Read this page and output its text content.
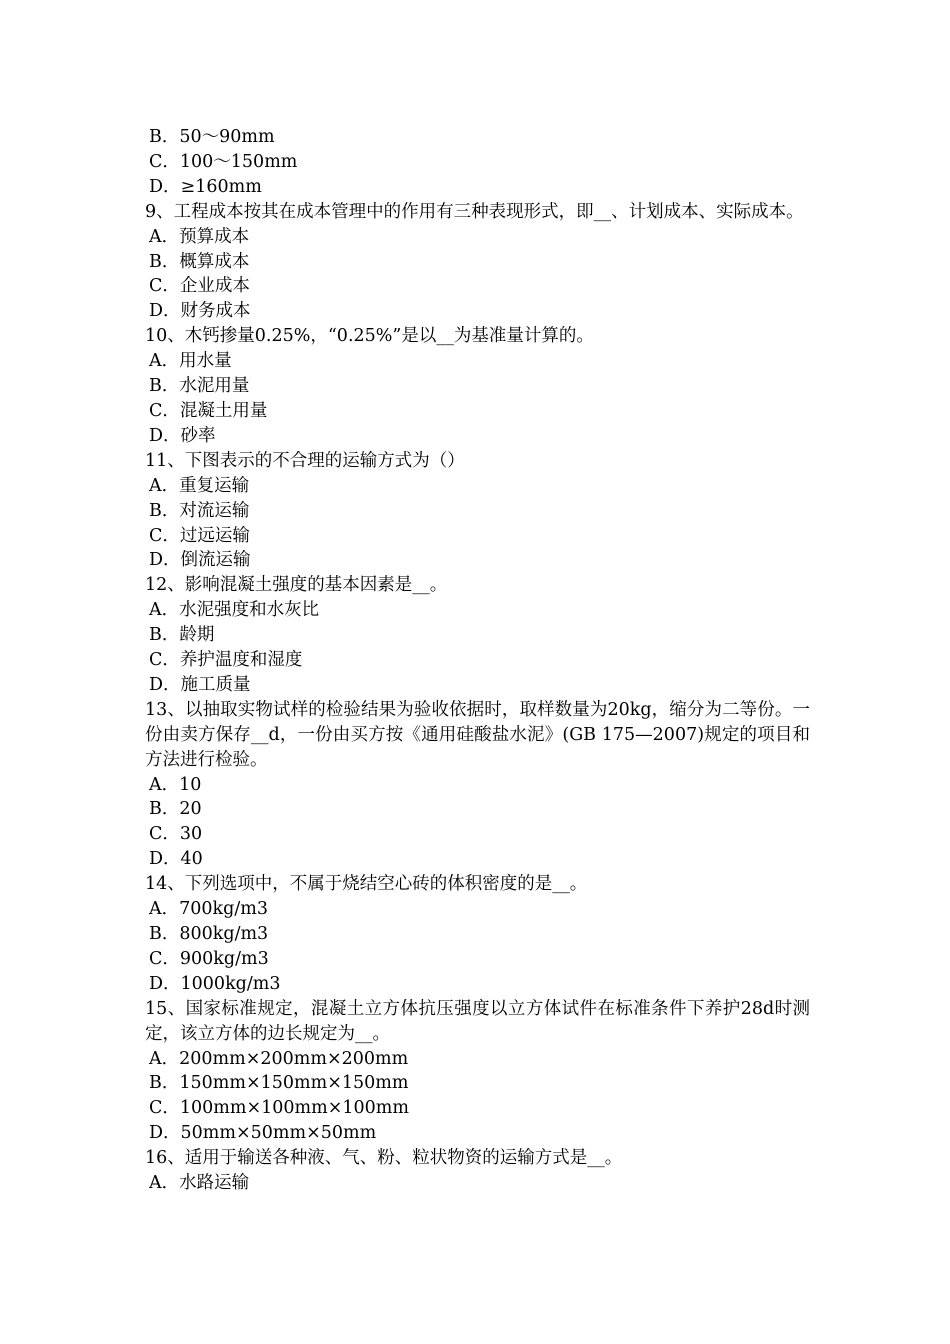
B．50～90mm
C．100～150mm
D．≥160mm
9、工程成本按其在成本管理中的作用有三种表现形式，即__、计划成本、实际成本。
A．预算成本
B．概算成本
C．企业成本
D．财务成本
10、木钙掺量0.25%，“0.25%”是以__为基准量计算的。
A．用水量
B．水泥用量
C．混凝土用量
D．砂率
11、下图表示的不合理的运输方式为（）
A．重复运输
B．对流运输
C．过远运输
D．倒流运输
12、影响混凝土强度的基本因素是__。
A．水泥强度和水灰比
B．龄期
C．养护温度和湿度
D．施工质量
13、以抽取实物试样的检验结果为验收依据时，取样数量为20kg，缩分为二等份。一份由卖方保存__d，一份由买方按《通用硅酸盐水泥》(GB 175—2007)规定的项目和方法进行检验。
A．10
B．20
C．30
D．40
14、下列选项中，不属于烧结空心砖的体积密度的是__。
A．700kg/m3
B．800kg/m3
C．900kg/m3
D．1000kg/m3
15、国家标准规定，混凝土立方体抗压强度以立方体试件在标准条件下养护28d时测定，该立方体的边长规定为__。
A．200mm×200mm×200mm
B．150mm×150mm×150mm
C．100mm×100mm×100mm
D．50mm×50mm×50mm
16、适用于输送各种液、气、粉、粒状物资的运输方式是__。
A．水路运输
